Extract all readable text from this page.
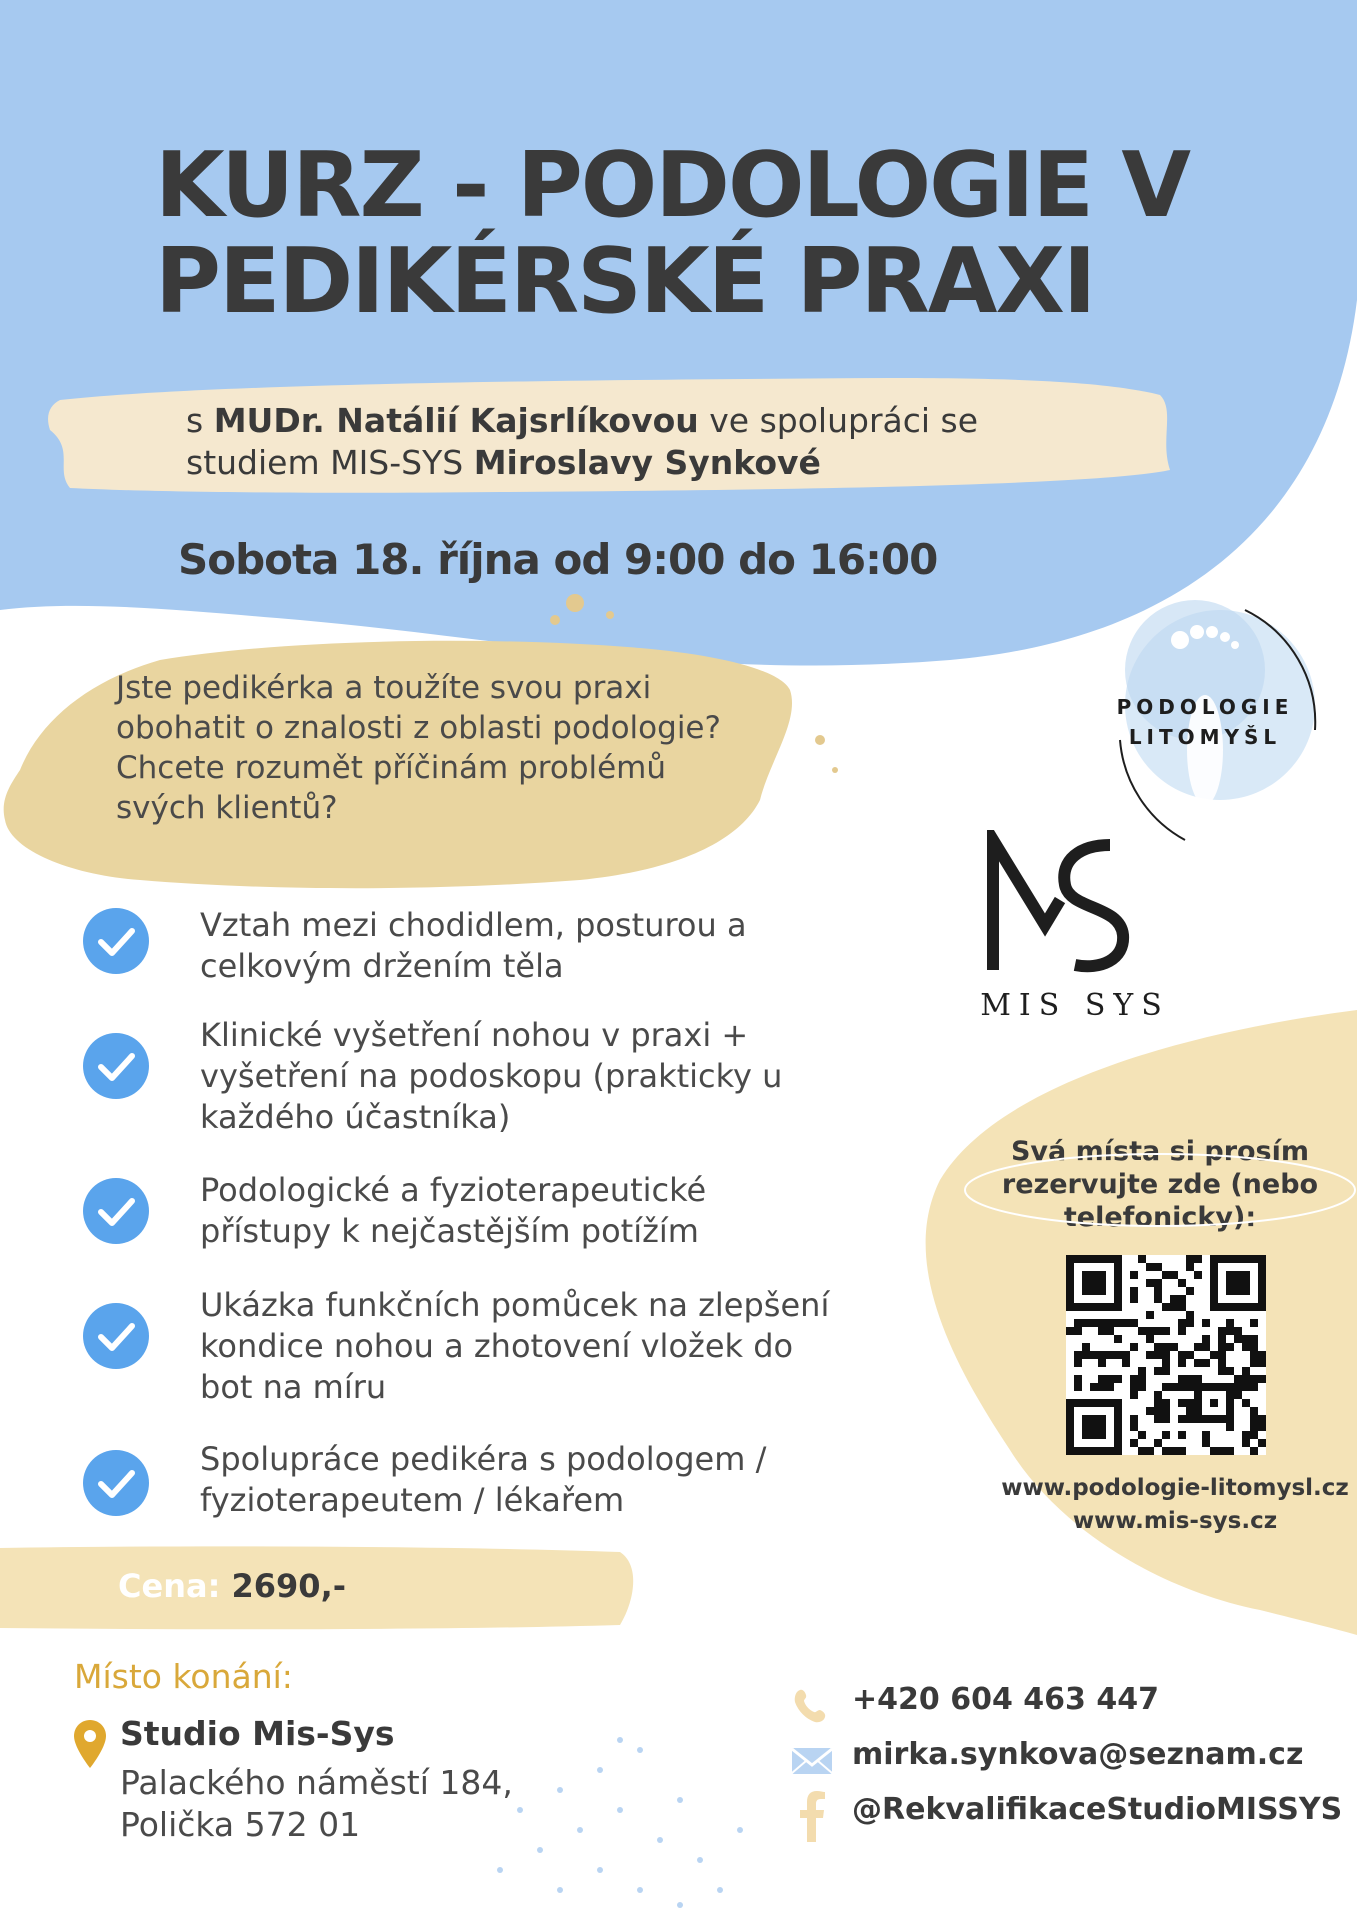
KURZ - PODOLOGIE V
PEDIKÉRSKÉ PRAXI
s MUDr. Natálií Kajsrlíkovou ve spolupráci se studiem MIS-SYS Miroslavy Synkové
Sobota 18. října od 9:00 do 16:00
Jste pedikérka a toužíte svou praxi obohatit o znalosti z oblasti podologie? Chcete rozumět příčinám problémů svých klientů?
Vztah mezi chodidlem, posturou a celkovým držením těla
Klinické vyšetření nohou v praxi + vyšetření na podoskopu (prakticky u každého účastníka)
Podologické a fyzioterapeutické přístupy k nejčastějším potížím
Ukázka funkčních pomůcek na zlepšení kondice nohou a zhotovení vložek do bot na míru
Spolupráce pedikéra s podologem / fyzioterapeutem / lékařem
Cena: 2690,-
Místo konání:
Studio Mis-Sys
Palackého náměstí 184,
Polička 572 01
+420 604 463 447
mirka.synkova@seznam.cz
@RekvalifikaceStudioMISSYS
Svá místa si prosím rezervujte zde (nebo telefonicky):
www.podologie-litomysl.cz
www.mis-sys.cz
PODOLOGIE
LITOMYŠL
MIS SYS
